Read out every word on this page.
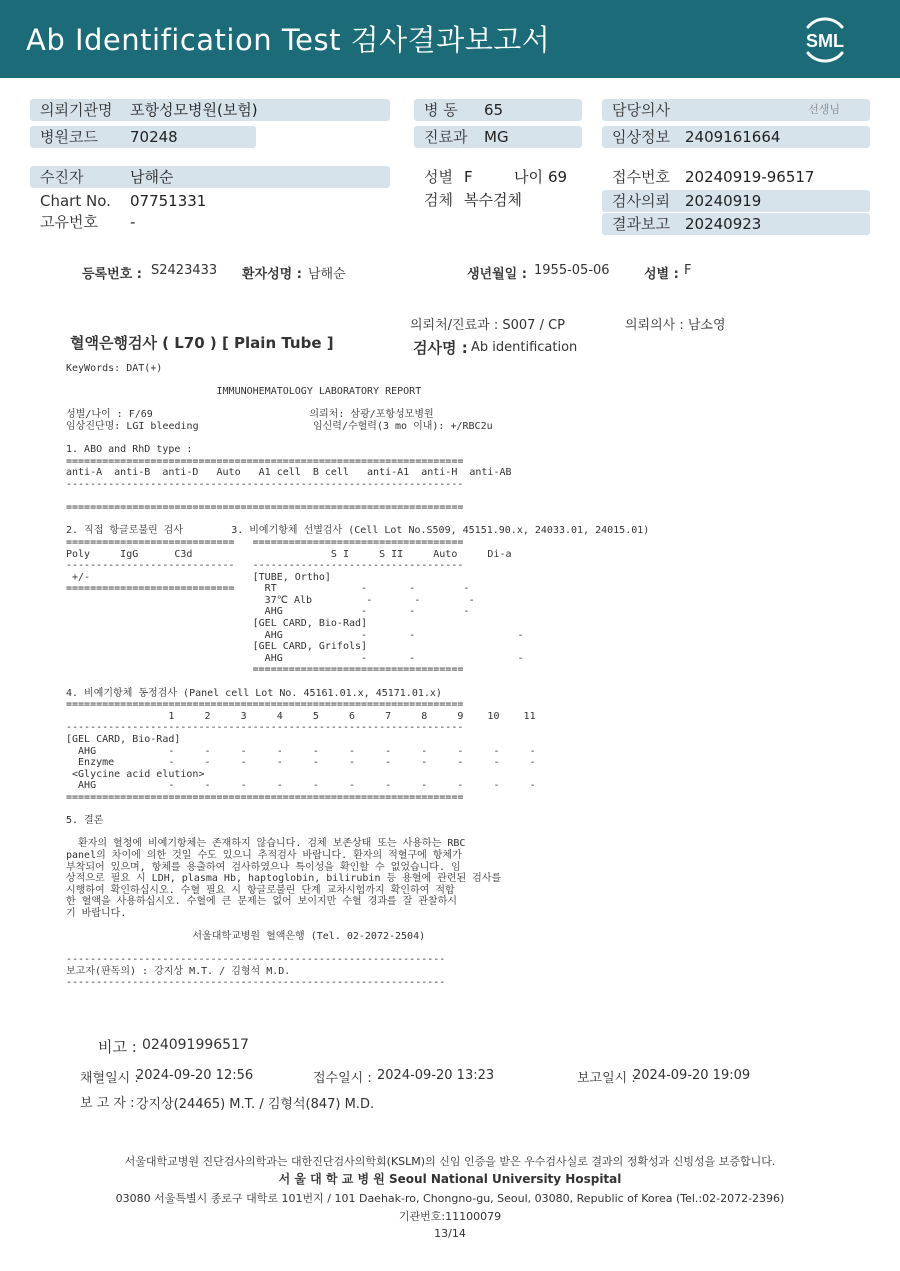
Ab Identification Test 검사결과보고서	SML
의뢰기관명 포항성모병원(보험)
병원코드 70248
수진자	남해순
Chart No. 07751331
고유번호 -
병 동 65
진료과 MG
성별 F	나이 69
검체 복수검체
담당의사	선생님
임상정보 2409161664
접수번호 20240919-96517
검사의뢰 20240919
결과보고 20240923
등록번호 : S2423433 환자성명 : 남해순	생년월일 : 1955-05-06	성별 : F
의뢰처/진료과 : S007 / CP	의뢰의사 : 남소영
혈액은행검사 ( L70 ) [ Plain Tube ]	검사명 : Ab identification
KeyWords: DAT(+)

IMMUNOHEMATOLOGY LABORATORY REPORT

성별/나이 : F/69                          의뢰처: 삼광/포항성모병원
임상진단명: LGI bleeding                   임신력/수혈력(3 mo 이내): +/RBC2u

1. ABO and RhD type :
==================================================================
anti-A  anti-B  anti-D   Auto   A1 cell  B cell   anti-A1  anti-H  anti-AB
------------------------------------------------------------------

==================================================================

2. 직접 항글로불린 검사        3. 비예기항체 선별검사 (Cell Lot No.S509, 45151.90.x, 24033.01, 24015.01)
============================   ===================================
Poly     IgG      C3d                       S I     S II     Auto     Di-a
----------------------------   -----------------------------------
+/-                           [TUBE, Ortho]
============================     RT              -       -        -
37℃ Alb         -       -        -
AHG             -       -        -
[GEL CARD, Bio-Rad]
AHG             -       -                 -
[GEL CARD, Grifols]
AHG             -       -                 -
===================================

4. 비예기항체 동정검사 (Panel cell Lot No. 45161.01.x, 45171.01.x)
==================================================================
1     2     3     4     5     6     7     8     9    10    11
------------------------------------------------------------------
[GEL CARD, Bio-Rad]
AHG            -     -     -     -     -     -     -     -     -     -     -
Enzyme         -     -     -     -     -     -     -     -     -     -     -
<Glycine acid elution>
AHG            -     -     -     -     -     -     -     -     -     -     -
==================================================================

5. 결론

환자의 혈청에 비예기항체는 존재하지 않습니다. 검체 보존상태 또는 사용하는 RBC
panel의 차이에 의한 것일 수도 있으니 추적검사 바랍니다. 환자의 적혈구에 항체가
부착되어 있으며, 항체를 용출하여 검사하였으나 특이성을 확인할 수 없었습니다. 임
상적으로 필요 시 LDH, plasma Hb, haptoglobin, bilirubin 등 용혈에 관련된 검사를
시행하여 확인하십시오. 수혈 필요 시 항글로불린 단계 교차시험까지 확인하여 적합
한 혈액을 사용하십시오. 수혈에 큰 문제는 없어 보이지만 수혈 경과를 잘 관찰하시
기 바랍니다.

서울대학교병원 혈액은행 (Tel. 02-2072-2504)

---------------------------------------------------------------
보고자(판독의) : 강지상 M.T. / 김형석 M.D.
---------------------------------------------------------------
비고 : 024091996517
채혈일시 :
2024-09-20 12:56	접수일시 : 2024-09-20 13:23	보고일시 :
2024-09-20 19:09
보 고 자 : 강지상(24465) M.T. / 김형석(847) M.D.
서울대학교병원 진단검사의학과는 대한진단검사의학회(KSLM)의 신임 인증을 받은 우수검사실로 결과의 정확성과 신빙성을 보증합니다.
서 울 대 학 교 병 원 Seoul National University Hospital
03080 서울특별시 종로구 대학로 101번지 / 101 Daehak-ro, Chongno-gu, Seoul, 03080, Republic of Korea (Tel.:02-2072-2396)
기관번호:11100079
13/14
